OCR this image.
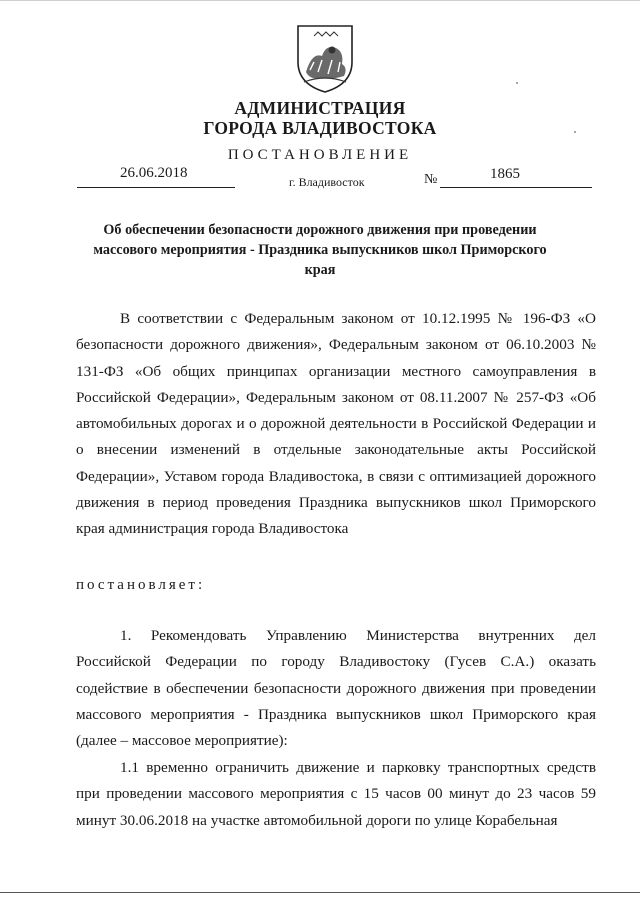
АДМИНИСТРАЦИЯ
ГОРОДА ВЛАДИВОСТОКА
ПОСТАНОВЛЕНИЕ
26.06.2018
г. Владивосток	№	1865
Об обеспечении безопасности дорожного движения при проведении массового мероприятия - Праздника выпускников школ Приморского края
В соответствии с Федеральным законом от 10.12.1995 № 196-ФЗ «О безопасности дорожного движения», Федеральным законом от 06.10.2003 № 131-ФЗ «Об общих принципах организации местного самоуправления в Российской Федерации», Федеральным законом от 08.11.2007 № 257-ФЗ «Об автомобильных дорогах и о дорожной деятельности в Российской Федерации и о внесении изменений в отдельные законодательные акты Российской Федерации», Уставом города Владивостока, в связи с оптимизацией дорожного движения в период проведения Праздника выпускников школ Приморского края администрация города Владивостока
постановляет:
1. Рекомендовать Управлению Министерства внутренних дел Российской Федерации по городу Владивостоку (Гусев С.А.) оказать содействие в обеспечении безопасности дорожного движения при проведении массового мероприятия - Праздника выпускников школ Приморского края (далее – массовое мероприятие):
1.1 временно ограничить движение и парковку транспортных средств при проведении массового мероприятия с 15 часов 00 минут до 23 часов 59 минут 30.06.2018 на участке автомобильной дороги по улице Корабельная
